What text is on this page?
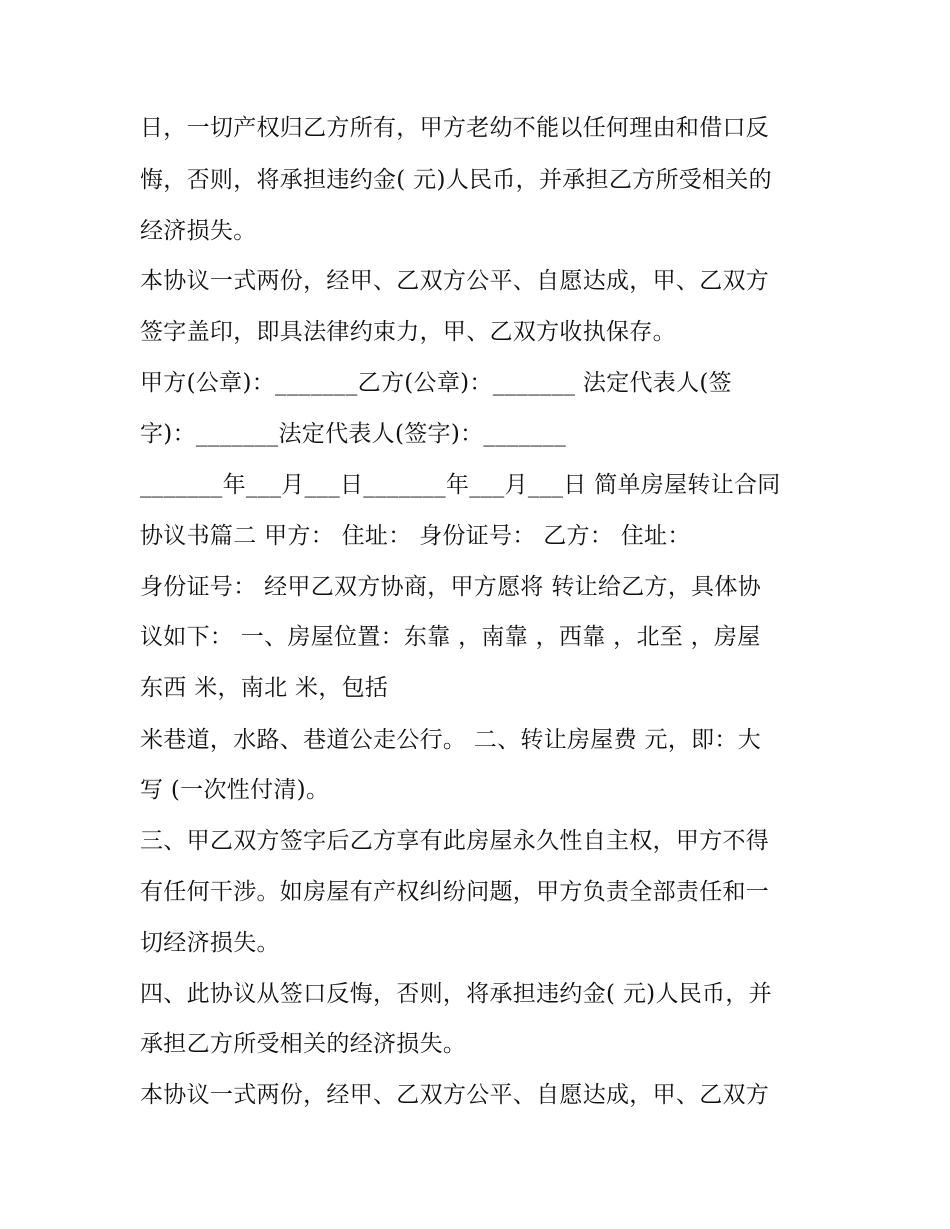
日，一切产权归乙方所有，甲方老幼不能以任何理由和借口反
悔，否则，将承担违约金( 元)人民币，并承担乙方所受相关的
经济损失。
本协议一式两份，经甲、乙双方公平、自愿达成，甲、乙双方
签字盖印，即具法律约束力，甲、乙双方收执保存。
甲方(公章)：_______乙方(公章)：_______ 法定代表人(签
字)：_______法定代表人(签字)：_______
_______年___月___日_______年___月___日 简单房屋转让合同
协议书篇二 甲方： 住址： 身份证号： 乙方： 住址：
身份证号： 经甲乙双方协商，甲方愿将 转让给乙方，具体协
议如下： 一、房屋位置：东靠 ，南靠 ，西靠 ，北至 ，房屋
东西 米，南北 米，包括
米巷道，水路、巷道公走公行。 二、转让房屋费 元，即：大
写 (一次性付清)。
三、甲乙双方签字后乙方享有此房屋永久性自主权，甲方不得
有任何干涉。如房屋有产权纠纷问题，甲方负责全部责任和一
切经济损失。
四、此协议从签口反悔，否则，将承担违约金( 元)人民币，并
承担乙方所受相关的经济损失。
本协议一式两份，经甲、乙双方公平、自愿达成，甲、乙双方
